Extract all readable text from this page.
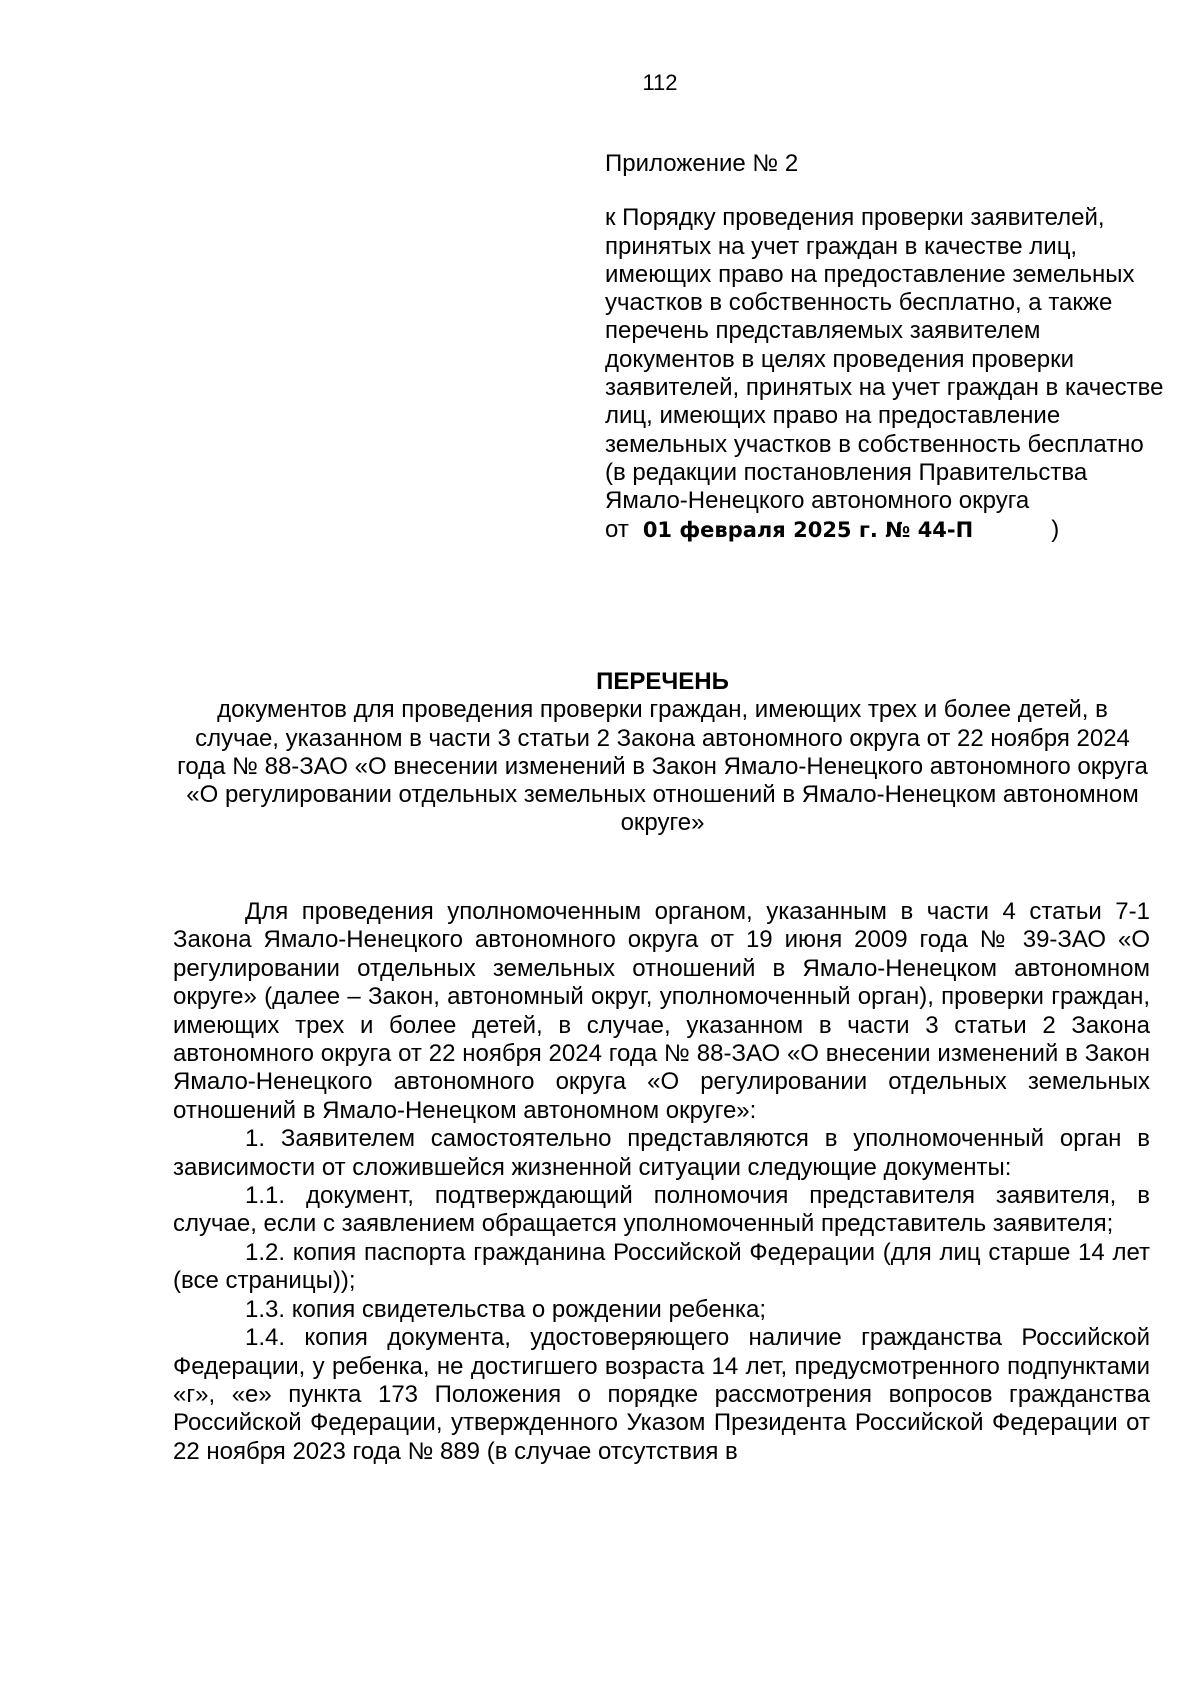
112

Приложение № 2

к Порядку проведения проверки заявителей, принятых на учет граждан в качестве лиц, имеющих право на предоставление земельных участков в собственность бесплатно, а также перечень представляемых заявителем документов в целях проведения проверки заявителей, принятых на учет граждан в качестве лиц, имеющих право на предоставление земельных участков в собственность бесплатно

(в редакции постановления Правительства Ямало-Ненецкого автономного округа

от 01 февраля 2025 г. № 44-П	)

ПЕРЕЧЕНЬ

документов для проведения проверки граждан, имеющих трех и более детей, в случае, указанном в части 3 статьи 2 Закона автономного округа от 22 ноября 2024 года № 88-ЗАО «О внесении изменений в Закон Ямало-Ненецкого автономного округа «О регулировании отдельных земельных отношений в Ямало-Ненецком автономном округе»

Для проведения уполномоченным органом, указанным в части 4 статьи 7-1 Закона Ямало-Ненецкого автономного округа от 19 июня 2009 года № 39-ЗАО «О регулировании отдельных земельных отношений в Ямало-Ненецком автономном округе» (далее – Закон, автономный округ, уполномоченный орган), проверки граждан, имеющих трех и более детей, в случае, указанном в части 3 статьи 2 Закона автономного округа от 22 ноября 2024 года № 88-ЗАО «О внесении изменений в Закон Ямало-Ненецкого автономного округа «О регулировании отдельных земельных отношений в Ямало-Ненецком автономном округе»:

1. Заявителем самостоятельно представляются в уполномоченный орган в зависимости от сложившейся жизненной ситуации следующие документы:

1.1. документ, подтверждающий полномочия представителя заявителя, в случае, если с заявлением обращается уполномоченный представитель заявителя;

1.2. копия паспорта гражданина Российской Федерации (для лиц старше 14 лет (все страницы));

1.3. копия свидетельства о рождении ребенка;

1.4. копия документа, удостоверяющего наличие гражданства Российской Федерации, у ребенка, не достигшего возраста 14 лет, предусмотренного подпунктами «г», «е» пункта 173 Положения о порядке рассмотрения вопросов гражданства Российской Федерации, утвержденного Указом Президента Российской Федерации от 22 ноября 2023 года № 889 (в случае отсутствия в
